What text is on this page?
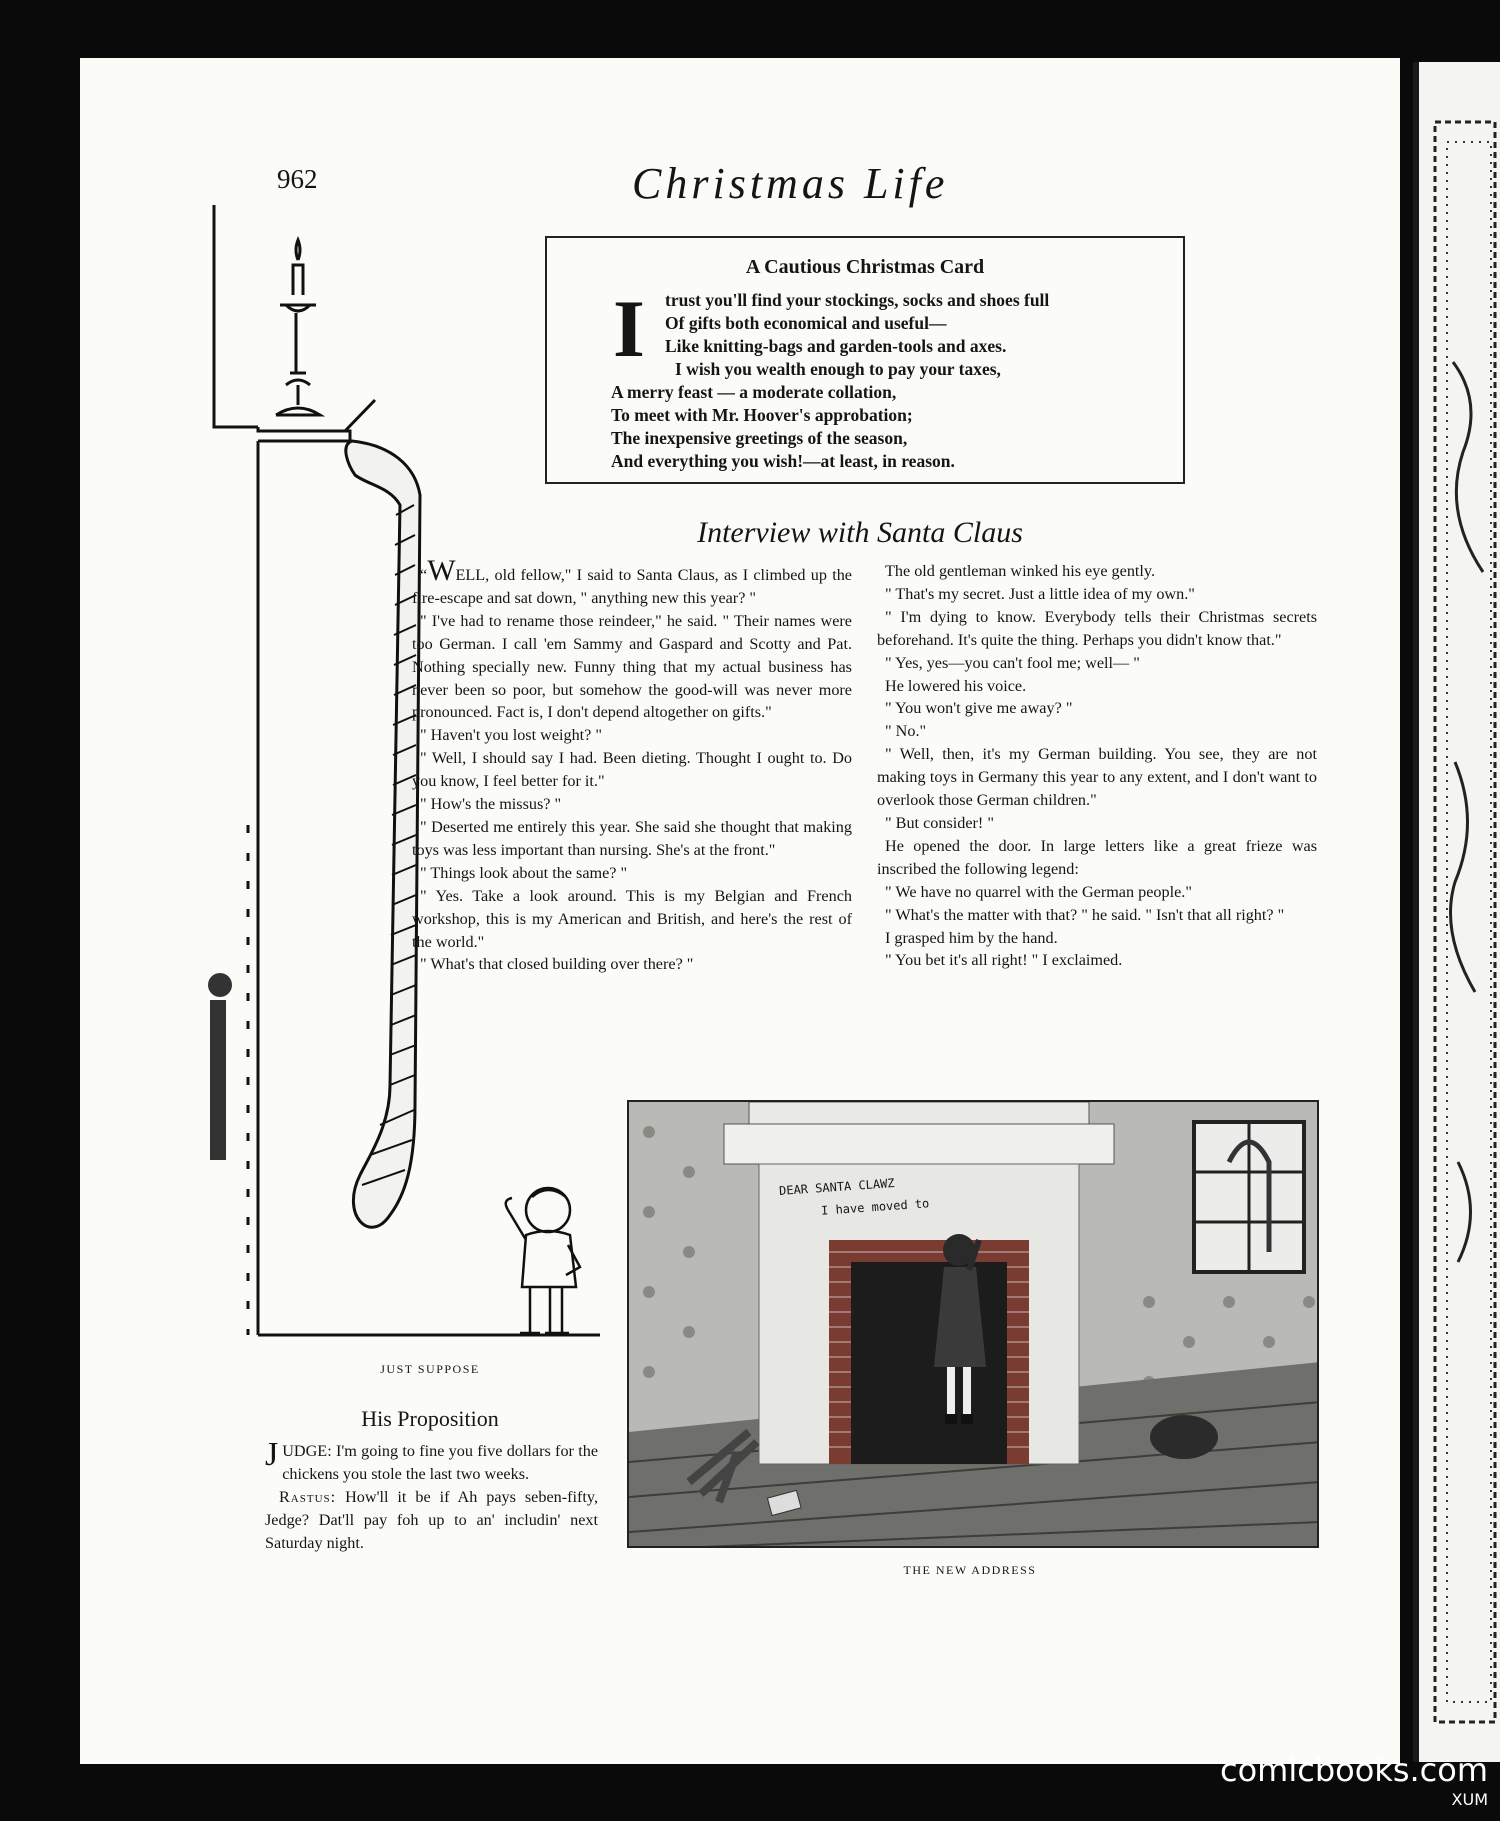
962	Christmas Life
A Cautious Christmas Card
I trust you'll find your stockings, socks and shoes full
Of gifts both economical and useful—
Like knitting-bags and garden-tools and axes.
I wish you wealth enough to pay your taxes,
A merry feast — a moderate collation,
To meet with Mr. Hoover's approbation;
The inexpensive greetings of the season,
And everything you wish!—at least, in reason.
JUST SUPPOSE
Interview with Santa Claus

“WELL, old fellow," I said to Santa Claus, as I climbed up the fire-escape and sat down, " anything new this year? "

" I've had to rename those reindeer," he said. " Their names were too German. I call 'em Sammy and Gaspard and Scotty and Pat. Nothing specially new. Funny thing that my actual business has never been so poor, but somehow the good-will was never more pronounced. Fact is, I don't depend altogether on gifts."

" Haven't you lost weight? "

" Well, I should say I had. Been dieting. Thought I ought to. Do you know, I feel better for it."

" How's the missus? "

" Deserted me entirely this year. She said she thought that making toys was less important than nursing. She's at the front."

" Things look about the same? "

" Yes. Take a look around. This is my Belgian and French workshop, this is my American and British, and here's the rest of the world."

" What's that closed building over there? "

The old gentleman winked his eye gently.

" That's my secret. Just a little idea of my own."

" I'm dying to know. Everybody tells their Christmas secrets beforehand. It's quite the thing. Perhaps you didn't know that."

" Yes, yes—you can't fool me; well— "

He lowered his voice.

" You won't give me away? "

" No."

" Well, then, it's my German building. You see, they are not making toys in Germany this year to any extent, and I don't want to overlook those German children."

" But consider! "

He opened the door. In large letters like a great frieze was inscribed the following legend:

" We have no quarrel with the German people."

" What's the matter with that? " he said. " Isn't that all right? "

I grasped him by the hand.

" You bet it's all right! " I exclaimed.

His Proposition

JUDGE: I'm going to fine you five dollars for the chickens you stole the last two weeks.

Rastus: How'll it be if Ah pays seben-fifty, Jedge? Dat'll pay foh up to an' includin' next Saturday night.

DEAR SANTA CLAWZ
I have moved to
THE NEW ADDRESS
comicbooks.com
XUM
